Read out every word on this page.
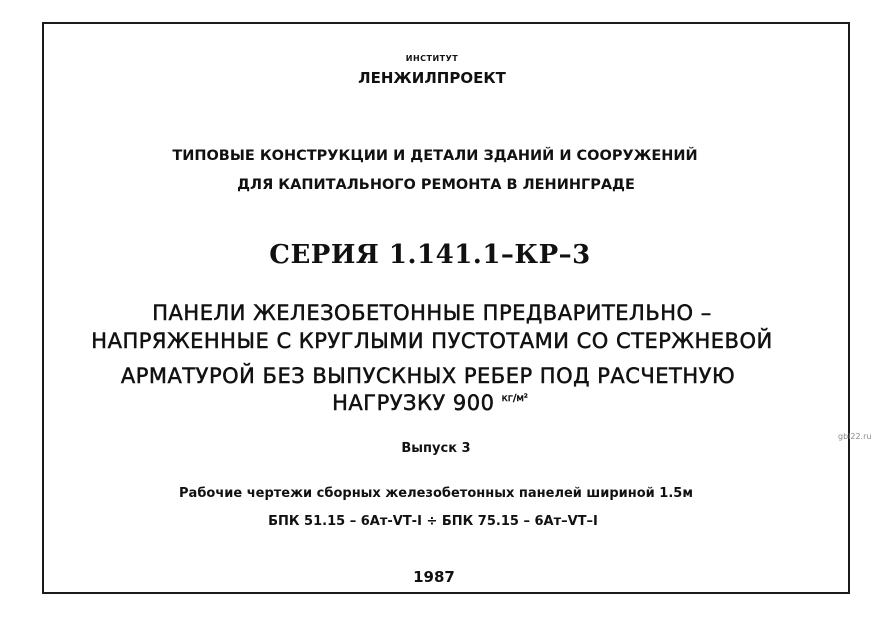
ИНСТИТУТ
ЛЕНЖИЛПРОЕКТ
ТИПОВЫЕ КОНСТРУКЦИИ И ДЕТАЛИ ЗДАНИЙ И СООРУЖЕНИЙ
ДЛЯ КАПИТАЛЬНОГО РЕМОНТА В ЛЕНИНГРАДЕ
СЕРИЯ 1.141.1–КР–3
ПАНЕЛИ ЖЕЛЕЗОБЕТОННЫЕ ПРЕДВАРИТЕЛЬНО –
НАПРЯЖЕННЫЕ С КРУГЛЫМИ ПУСТОТАМИ СО СТЕРЖНЕВОЙ
АРМАТУРОЙ БЕЗ ВЫПУСКНЫХ РЕБЕР ПОД РАСЧЕТНУЮ
НАГРУЗКУ 900 $^{кг/м^2}$
Выпуск 3
Рабочие чертежи сборных железобетонных панелей шириной 1.5м
БПК 51.15 – 6Ат-VТ-I ÷ БПК 75.15 – 6Ат–VТ–I
1987
gbi22.ru
